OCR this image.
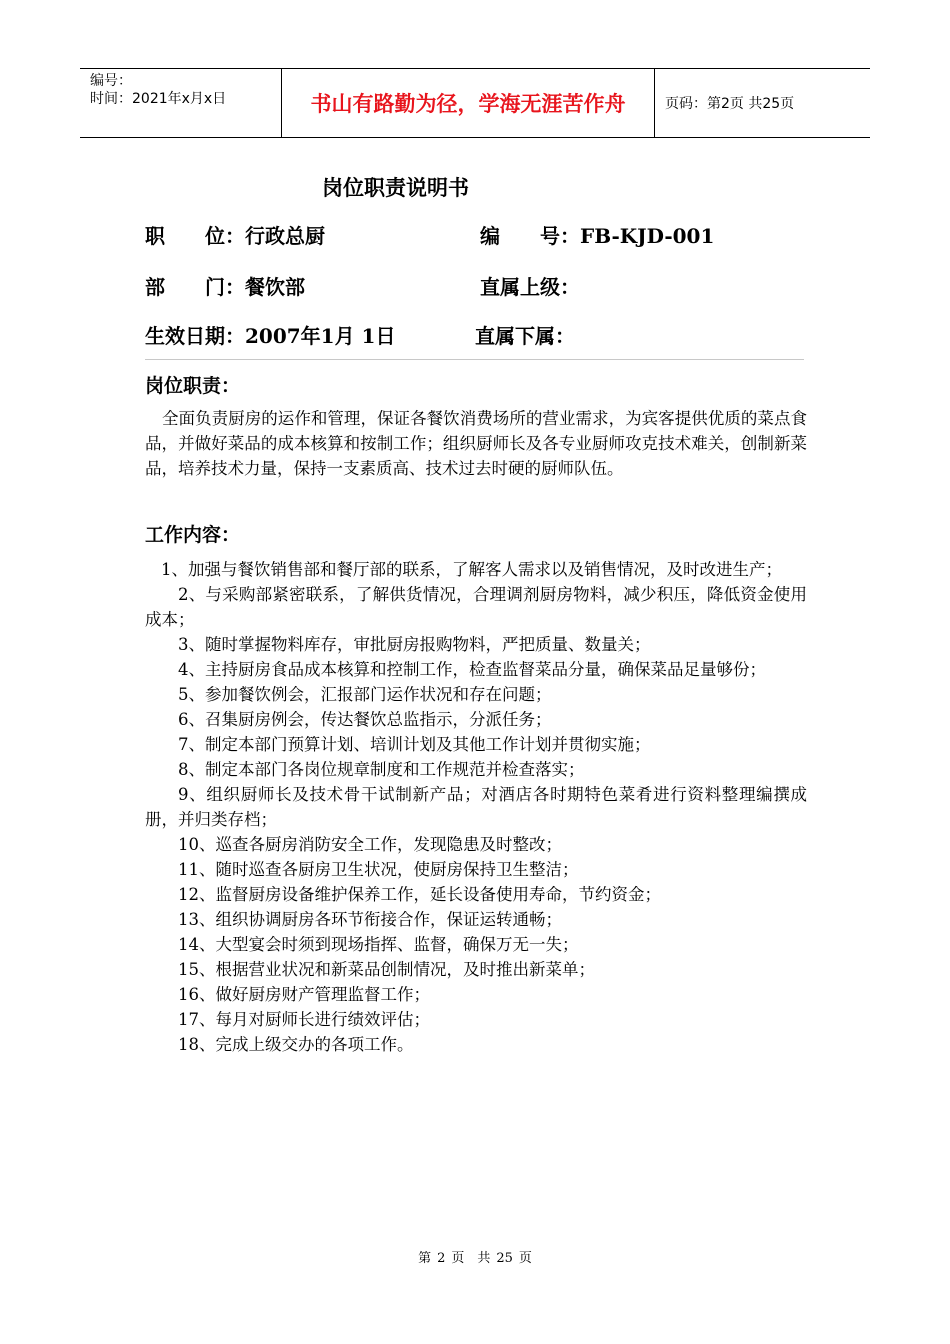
编号：
时间：2021年x月x日	书山有路勤为径，学海无涯苦作舟	页码：第2页 共25页
岗位职责说明书
职　　位：行政总厨	编　　号：FB-KJD-001
部　　门：餐饮部	直属上级：
生效日期：2007年1月 1日	直属下属：
岗位职责：
全面负责厨房的运作和管理，保证各餐饮消费场所的营业需求，为宾客提供优质的菜点食品，并做好菜品的成本核算和按制工作；组织厨师长及各专业厨师攻克技术难关，创制新菜品，培养技术力量，保持一支素质高、技术过去时硬的厨师队伍。
工作内容：
1、加强与餐饮销售部和餐厅部的联系，了解客人需求以及销售情况，及时改进生产；
2、与采购部紧密联系，了解供货情况，合理调剂厨房物料，减少积压，降低资金使用成本；
3、随时掌握物料库存，审批厨房报购物料，严把质量、数量关；
4、主持厨房食品成本核算和控制工作，检查监督菜品分量，确保菜品足量够份；
5、参加餐饮例会，汇报部门运作状况和存在问题；
6、召集厨房例会，传达餐饮总监指示，分派任务；
7、制定本部门预算计划、培训计划及其他工作计划并贯彻实施；
8、制定本部门各岗位规章制度和工作规范并检查落实；
9、组织厨师长及技术骨干试制新产品；对酒店各时期特色菜肴进行资料整理编撰成册，并归类存档；
10、巡查各厨房消防安全工作，发现隐患及时整改；
11、随时巡查各厨房卫生状况，使厨房保持卫生整洁；
12、监督厨房设备维护保养工作，延长设备使用寿命，节约资金；
13、组织协调厨房各环节衔接合作，保证运转通畅；
14、大型宴会时须到现场指挥、监督，确保万无一失；
15、根据营业状况和新菜品创制情况，及时推出新菜单；
16、做好厨房财产管理监督工作；
17、每月对厨师长进行绩效评估；
18、完成上级交办的各项工作。
第 2 页　共 25 页
